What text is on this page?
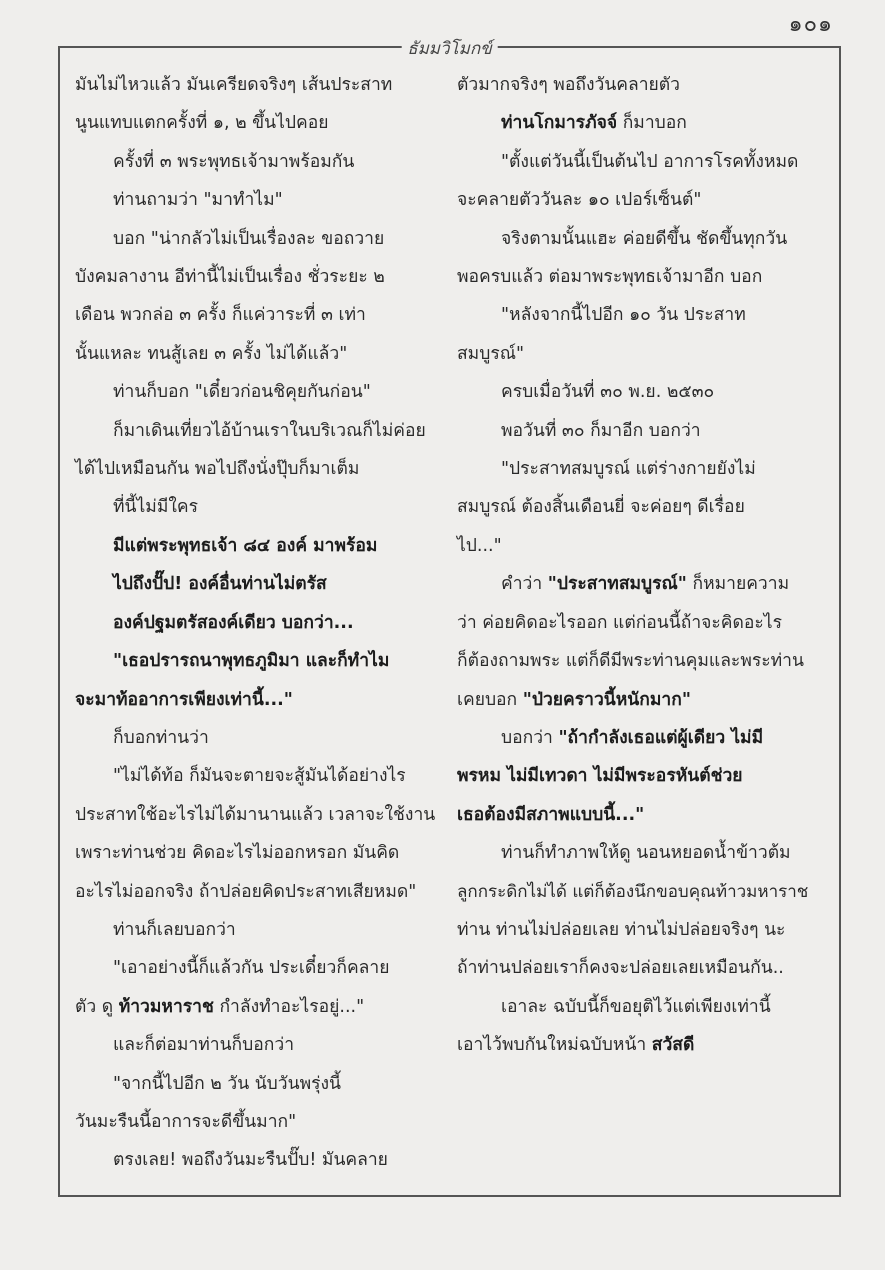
๑๐๑
ธัมมวิโมกข์
มันไม่ไหวแล้ว มันเครียดจริงๆ เส้นประสาท
นูนแทบแตกครั้งที่ ๑, ๒ ขึ้นไปคอย
ครั้งที่ ๓ พระพุทธเจ้ามาพร้อมกัน
ท่านถามว่า "มาทำไม"
บอก "น่ากลัวไม่เป็นเรื่องละ ขอถวาย
บังคมลางาน อีท่านี้ไม่เป็นเรื่อง ชั่วระยะ ๒
เดือน พวกล่อ ๓ ครั้ง ก็แค่วาระที่ ๓ เท่า
นั้นแหละ ทนสู้เลย ๓ ครั้ง ไม่ได้แล้ว"
ท่านก็บอก "เดี๋ยวก่อนชิคุยกันก่อน"
ก็มาเดินเที่ยวไอ้บ้านเราในบริเวณก็ไม่ค่อย
ได้ไปเหมือนกัน พอไปถึงนั่งปุ๊บก็มาเต็ม
ที่นี้ไม่มีใคร
มีแต่พระพุทธเจ้า ๘๔ องค์ มาพร้อม
ไปถึงปั๊ป! องค์อื่นท่านไม่ตรัส
องค์ปฐมตรัสองค์เดียว บอกว่า...
"เธอปรารถนาพุทธภูมิมา และก็ทำไม
จะมาท้ออาการเพียงเท่านี้..."
ก็บอกท่านว่า
"ไม่ได้ท้อ ก็มันจะตายจะสู้มันได้อย่างไร
ประสาทใช้อะไรไม่ได้มานานแล้ว เวลาจะใช้งาน
เพราะท่านช่วย คิดอะไรไม่ออกหรอก มันคิด
อะไรไม่ออกจริง ถ้าปล่อยคิดประสาทเสียหมด"
ท่านก็เลยบอกว่า
"เอาอย่างนี้ก็แล้วกัน ประเดี๋ยวก็คลาย
ตัว ดู ท้าวมหาราช กำลังทำอะไรอยู่..."
และก็ต่อมาท่านก็บอกว่า
"จากนี้ไปอีก ๒ วัน นับวันพรุ่งนี้
วันมะรืนนี้อาการจะดีขึ้นมาก"
ตรงเลย! พอถึงวันมะรืนปั๊บ! มันคลาย
ตัวมากจริงๆ พอถึงวันคลายตัว
ท่านโกมารภัจจ์ ก็มาบอก
"ตั้งแต่วันนี้เป็นต้นไป อาการโรคทั้งหมด
จะคลายตัววันละ ๑๐ เปอร์เซ็นต์"
จริงตามนั้นแฮะ ค่อยดีขึ้น ชัดขึ้นทุกวัน
พอครบแล้ว ต่อมาพระพุทธเจ้ามาอีก บอก
"หลังจากนี้ไปอีก ๑๐ วัน ประสาท
สมบูรณ์"
ครบเมื่อวันที่ ๓๐ พ.ย. ๒๕๓๐
พอวันที่ ๓๐ ก็มาอีก บอกว่า
"ประสาทสมบูรณ์ แต่ร่างกายยังไม่
สมบูรณ์ ต้องสิ้นเดือนยี่ จะค่อยๆ ดีเรื่อย
ไป..."
คำว่า "ประสาทสมบูรณ์" ก็หมายความ
ว่า ค่อยคิดอะไรออก แต่ก่อนนี้ถ้าจะคิดอะไร
ก็ต้องถามพระ แต่ก็ดีมีพระท่านคุมและพระท่าน
เคยบอก "ป่วยคราวนี้หนักมาก"
บอกว่า "ถ้ากำลังเธอแต่ผู้เดียว ไม่มี
พรหม ไม่มีเทวดา ไม่มีพระอรหันต์ช่วย
เธอต้องมีสภาพแบบนี้..."
ท่านก็ทำภาพให้ดู นอนหยอดน้ำข้าวต้ม
ลูกกระดิกไม่ได้ แต่ก็ต้องนึกขอบคุณท้าวมหาราช
ท่าน ท่านไม่ปล่อยเลย ท่านไม่ปล่อยจริงๆ นะ
ถ้าท่านปล่อยเราก็คงจะปล่อยเลยเหมือนกัน..
เอาละ ฉบับนี้ก็ขอยุติไว้แต่เพียงเท่านี้
เอาไว้พบกันใหม่ฉบับหน้า สวัสดี
